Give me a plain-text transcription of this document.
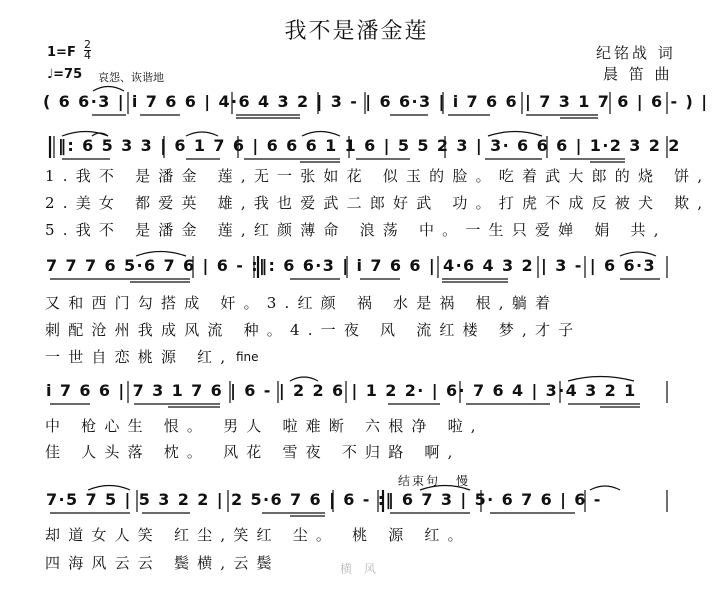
我不是潘金莲
1=F
2
4
♩=75 哀怨、诙谐地
纪铭战 词
晨 笛 曲
( 6 6·3 | i 7 6 6 | 4·6 4 3 2 | 3 - | 6 6·3 | i 7 6 6 | 7 3 1 7 6 | 6 - ) |
‖: 6 5 3 3 | 6 1 7 6 | 6 6 6 1 1 6 | 5 5 2 3 | 3· 6 6 6 | 1·2 3 2 2
1.我不 是潘金 莲,无一张如花 似玉的脸。吃着武大郎的烧 饼,
2.美女 都爱英 雄,我也爱武二郎好武 功。打虎不成反被犬 欺,
5.我不 是潘金 莲,红颜薄命 浪荡 中。一生只爱婵 娟 共,
7 7 7 6 5·6 7 6 | 6 - :‖: 6 6·3 | i 7 6 6 | 4·6 4 3 2 | 3 - | 6 6·3
又和西门勾搭成 奸。3.红颜 祸 水是祸 根,躺着
刺配沧州我成风流 种。4.一夜 风 流红楼 梦,才子
一世自恋桃源 红, fine
i 7 6 6 | 7 3 1 7 6 | 6 - | 2 2 6 | 1 2 2· | 6· 7 6 4 | 3·4 3 2 1
中 枪心生 恨。 男人 啦难断 六根净 啦,
佳 人头落 枕。 风花 雪夜 不归路 啊,
结束句 慢
7·5 7 5 | 5 3 2 2 | 2 5·6 7 6 | 6 - :‖ 6 7 3 | 5· 6 7 6 | 6 -
却道女人笑 红尘,笑红 尘。 桃 源 红。
四海风云云 鬓横,云鬓	横 风
